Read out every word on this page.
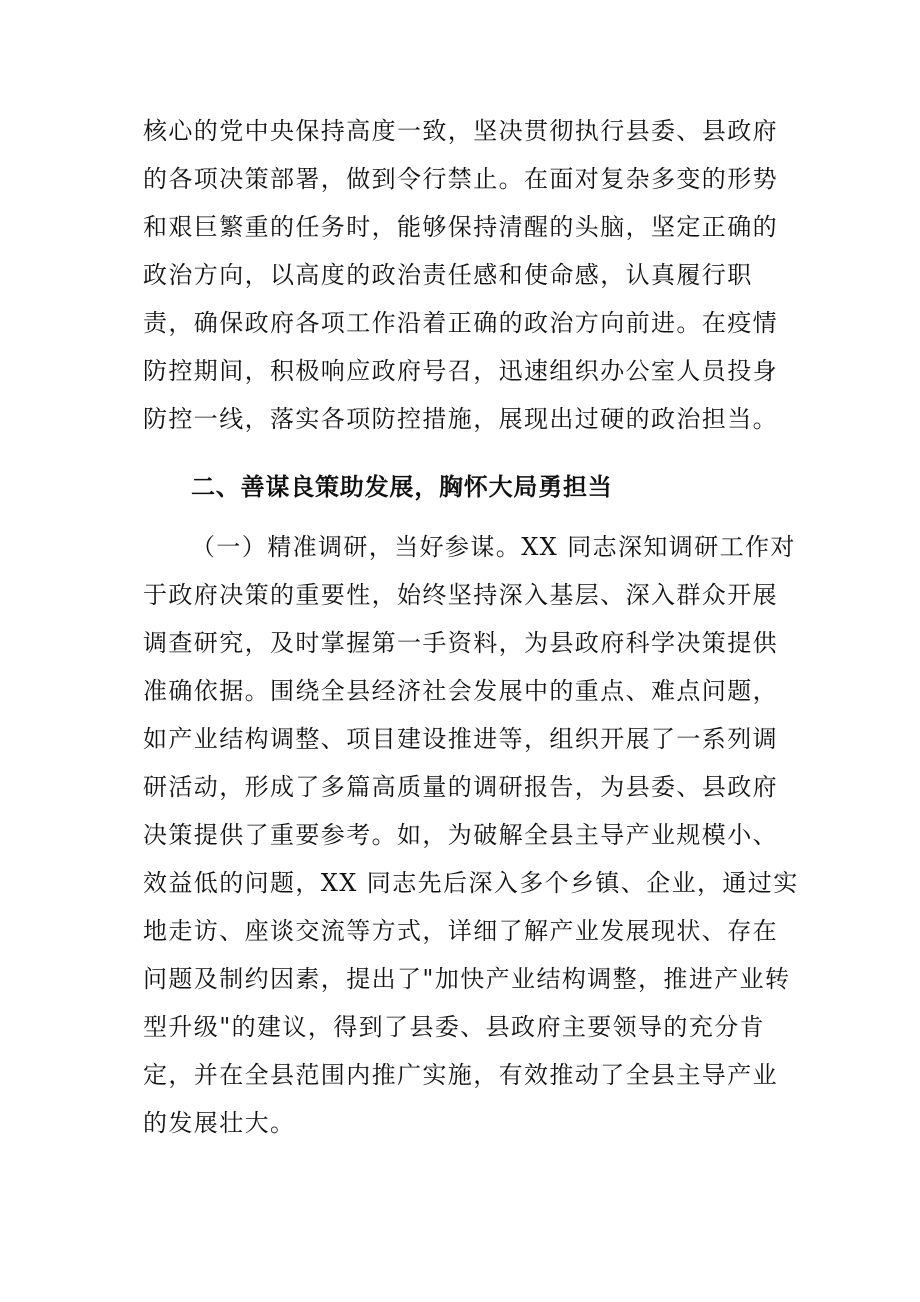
核心的党中央保持高度一致，坚决贯彻执行县委、县政府
的各项决策部署，做到令行禁止。在面对复杂多变的形势
和艰巨繁重的任务时，能够保持清醒的头脑，坚定正确的
政治方向，以高度的政治责任感和使命感，认真履行职
责，确保政府各项工作沿着正确的政治方向前进。在疫情
防控期间，积极响应政府号召，迅速组织办公室人员投身
防控一线，落实各项防控措施，展现出过硬的政治担当。
二、善谋良策助发展，胸怀大局勇担当
（一）精准调研，当好参谋。XX 同志深知调研工作对
于政府决策的重要性，始终坚持深入基层、深入群众开展
调查研究，及时掌握第一手资料，为县政府科学决策提供
准确依据。围绕全县经济社会发展中的重点、难点问题，
如产业结构调整、项目建设推进等，组织开展了一系列调
研活动，形成了多篇高质量的调研报告，为县委、县政府
决策提供了重要参考。如，为破解全县主导产业规模小、
效益低的问题，XX 同志先后深入多个乡镇、企业，通过实
地走访、座谈交流等方式，详细了解产业发展现状、存在
问题及制约因素，提出了"加快产业结构调整，推进产业转
型升级"的建议，得到了县委、县政府主要领导的充分肯
定，并在全县范围内推广实施，有效推动了全县主导产业
的发展壮大。
